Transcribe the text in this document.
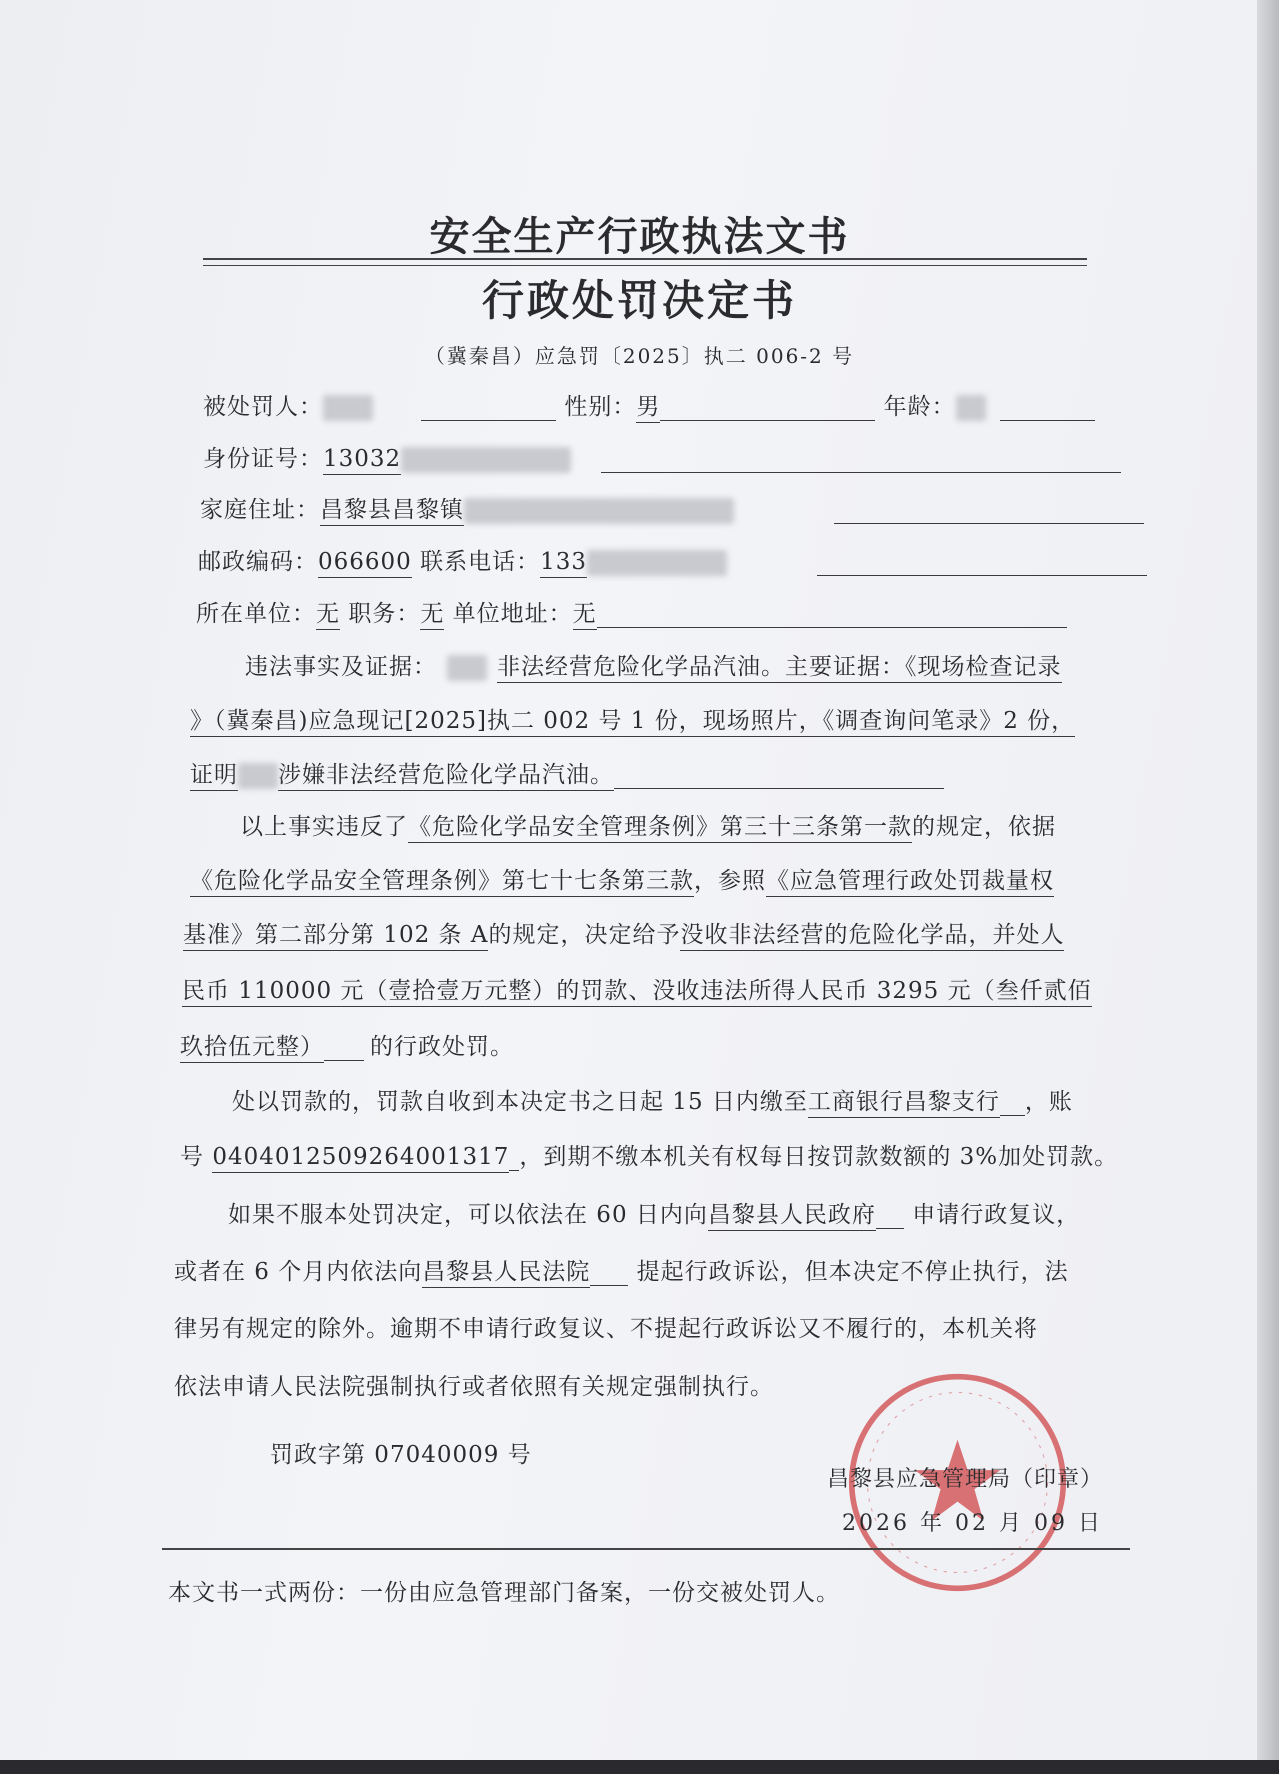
安全生产行政执法文书
行政处罚决定书
（冀秦昌）应急罚〔2025〕执二 006-2 号
被处罚人：	性别：男	年龄：
身份证号：13032
家庭住址：昌黎县昌黎镇
邮政编码：066600 联系电话：133
所在单位：无 职务：无 单位地址：无
违法事实及证据：	非法经营危险化学品汽油。主要证据：《现场检查记录
》（冀秦昌)应急现记[2025]执二 002 号 1 份，现场照片，《调查询问笔录》2 份，
证明 涉嫌非法经营危险化学品汽油。
以上事实违反了《危险化学品安全管理条例》第三十三条第一款的规定，依据
《危险化学品安全管理条例》第七十七条第三款，参照《应急管理行政处罚裁量权
基准》第二部分第 102 条 A的规定，决定给予没收非法经营的危险化学品，并处人
民币 110000 元（壹拾壹万元整）的罚款、没收违法所得人民币 3295 元（叁仟贰佰
玖拾伍元整） 的行政处罚。
处以罚款的，罚款自收到本决定书之日起 15 日内缴至工商银行昌黎支行 ，账
号 0404012509264001317 ，到期不缴本机关有权每日按罚款数额的 3%加处罚款。
如果不服本处罚决定，可以依法在 60 日内向昌黎县人民政府 申请行政复议，
或者在 6 个月内依法向昌黎县人民法院 提起行政诉讼，但本决定不停止执行，法
律另有规定的除外。逾期不申请行政复议、不提起行政诉讼又不履行的，本机关将
依法申请人民法院强制执行或者依照有关规定强制执行。
罚政字第 07040009 号
昌黎县应急管理局（印章）
2026 年 02 月 09 日
本文书一式两份：一份由应急管理部门备案，一份交被处罚人。
